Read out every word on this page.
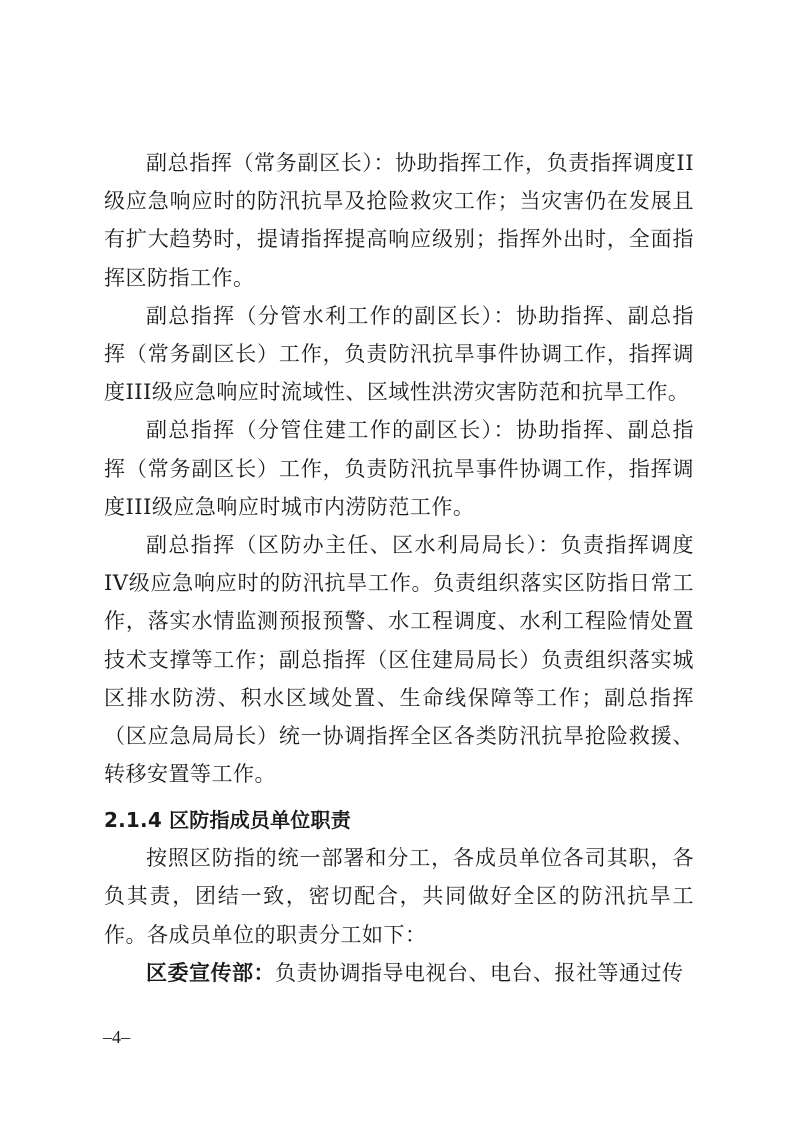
副总指挥（常务副区长）：协助指挥工作，负责指挥调度II级应急响应时的防汛抗旱及抢险救灾工作；当灾害仍在发展且有扩大趋势时，提请指挥提高响应级别；指挥外出时，全面指挥区防指工作。

副总指挥（分管水利工作的副区长）：协助指挥、副总指挥（常务副区长）工作，负责防汛抗旱事件协调工作，指挥调度III级应急响应时流域性、区域性洪涝灾害防范和抗旱工作。

副总指挥（分管住建工作的副区长）：协助指挥、副总指挥（常务副区长）工作，负责防汛抗旱事件协调工作，指挥调度III级应急响应时城市内涝防范工作。

副总指挥（区防办主任、区水利局局长）：负责指挥调度IV级应急响应时的防汛抗旱工作。负责组织落实区防指日常工作，落实水情监测预报预警、水工程调度、水利工程险情处置技术支撑等工作；副总指挥（区住建局局长）负责组织落实城区排水防涝、积水区域处置、生命线保障等工作；副总指挥（区应急局局长）统一协调指挥全区各类防汛抗旱抢险救援、转移安置等工作。

2.1.4 区防指成员单位职责

按照区防指的统一部署和分工，各成员单位各司其职，各负其责，团结一致，密切配合，共同做好全区的防汛抗旱工作。各成员单位的职责分工如下：

区委宣传部：负责协调指导电视台、电台、报社等通过传

–4–
